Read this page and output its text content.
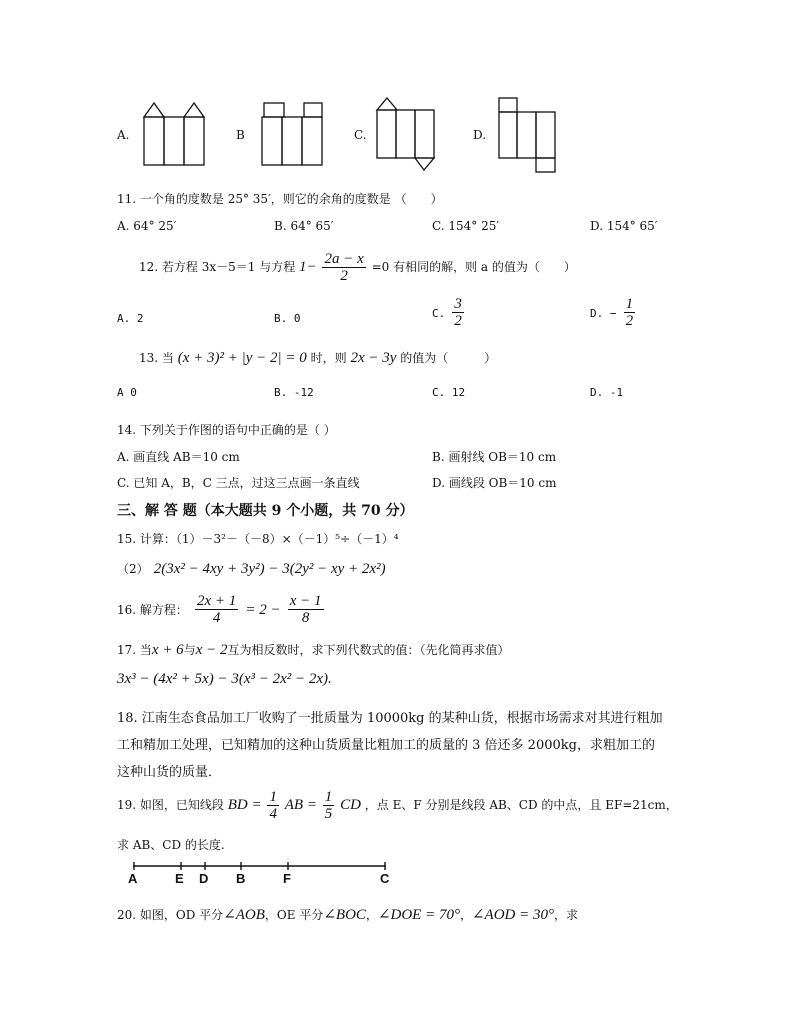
A.	B	C.	D.
11. 一个角的度数是 25° 35′，则它的余角的度数是 （　　）
A. 64° 25′	B. 64° 65′	C. 154° 25′	D. 154° 65′
12. 若方程 3x－5＝1 与方程 $1- \frac{2a - x}{2} =0$ 有相同的解，则 a 的值为（　　）
A. 2	B. 0	C. $\frac{3}{2}$	D. − $\frac{1}{2}$
13. 当 (x + 3)² + |y − 2| = 0 时，则 2x − 3y 的值为（　　　）
A 0	B. -12	C. 12	D. -1
14. 下列关于作图的语句中正确的是（ ）
A. 画直线 AB＝10 cm	B. 画射线 OB＝10 cm
C. 已知 A，B，C 三点，过这三点画一条直线	D. 画线段 OB＝10 cm
三、解 答 题（本大题共 9 个小题，共 70 分）
15. 计算：（1）－3²－（－8）×（－1）⁵÷（－1）⁴
（2） 2(3x² − 4xy + 3y²) − 3(2y² − xy + 2x²)
16. 解方程： $\frac{2x + 1}{4} = 2 - \frac{x - 1}{8}$
17. 当x + 6与x − 2互为相反数时，求下列代数式的值：（先化简再求值）
3x³ − (4x² + 5x) − 3(x³ − 2x² − 2x).
18. 江南生态食品加工厂收购了一批质量为 10000kg 的某种山货，根据市场需求对其进行粗加
工和精加工处理，已知精加的这种山货质量比粗加工的质量的 3 倍还多 2000kg，求粗加工的
这种山货的质量．
19. 如图，已知线段 BD = $\frac{1}{4}$ AB = $\frac{1}{5}$ CD ，点 E、F 分别是线段 AB、CD 的中点，且 EF=21cm，
求 AB、CD 的长度.
A	E D B	F	C
20. 如图，OD 平分∠AOB，OE 平分∠BOC，∠DOE = 70°，∠AOD = 30°，求
